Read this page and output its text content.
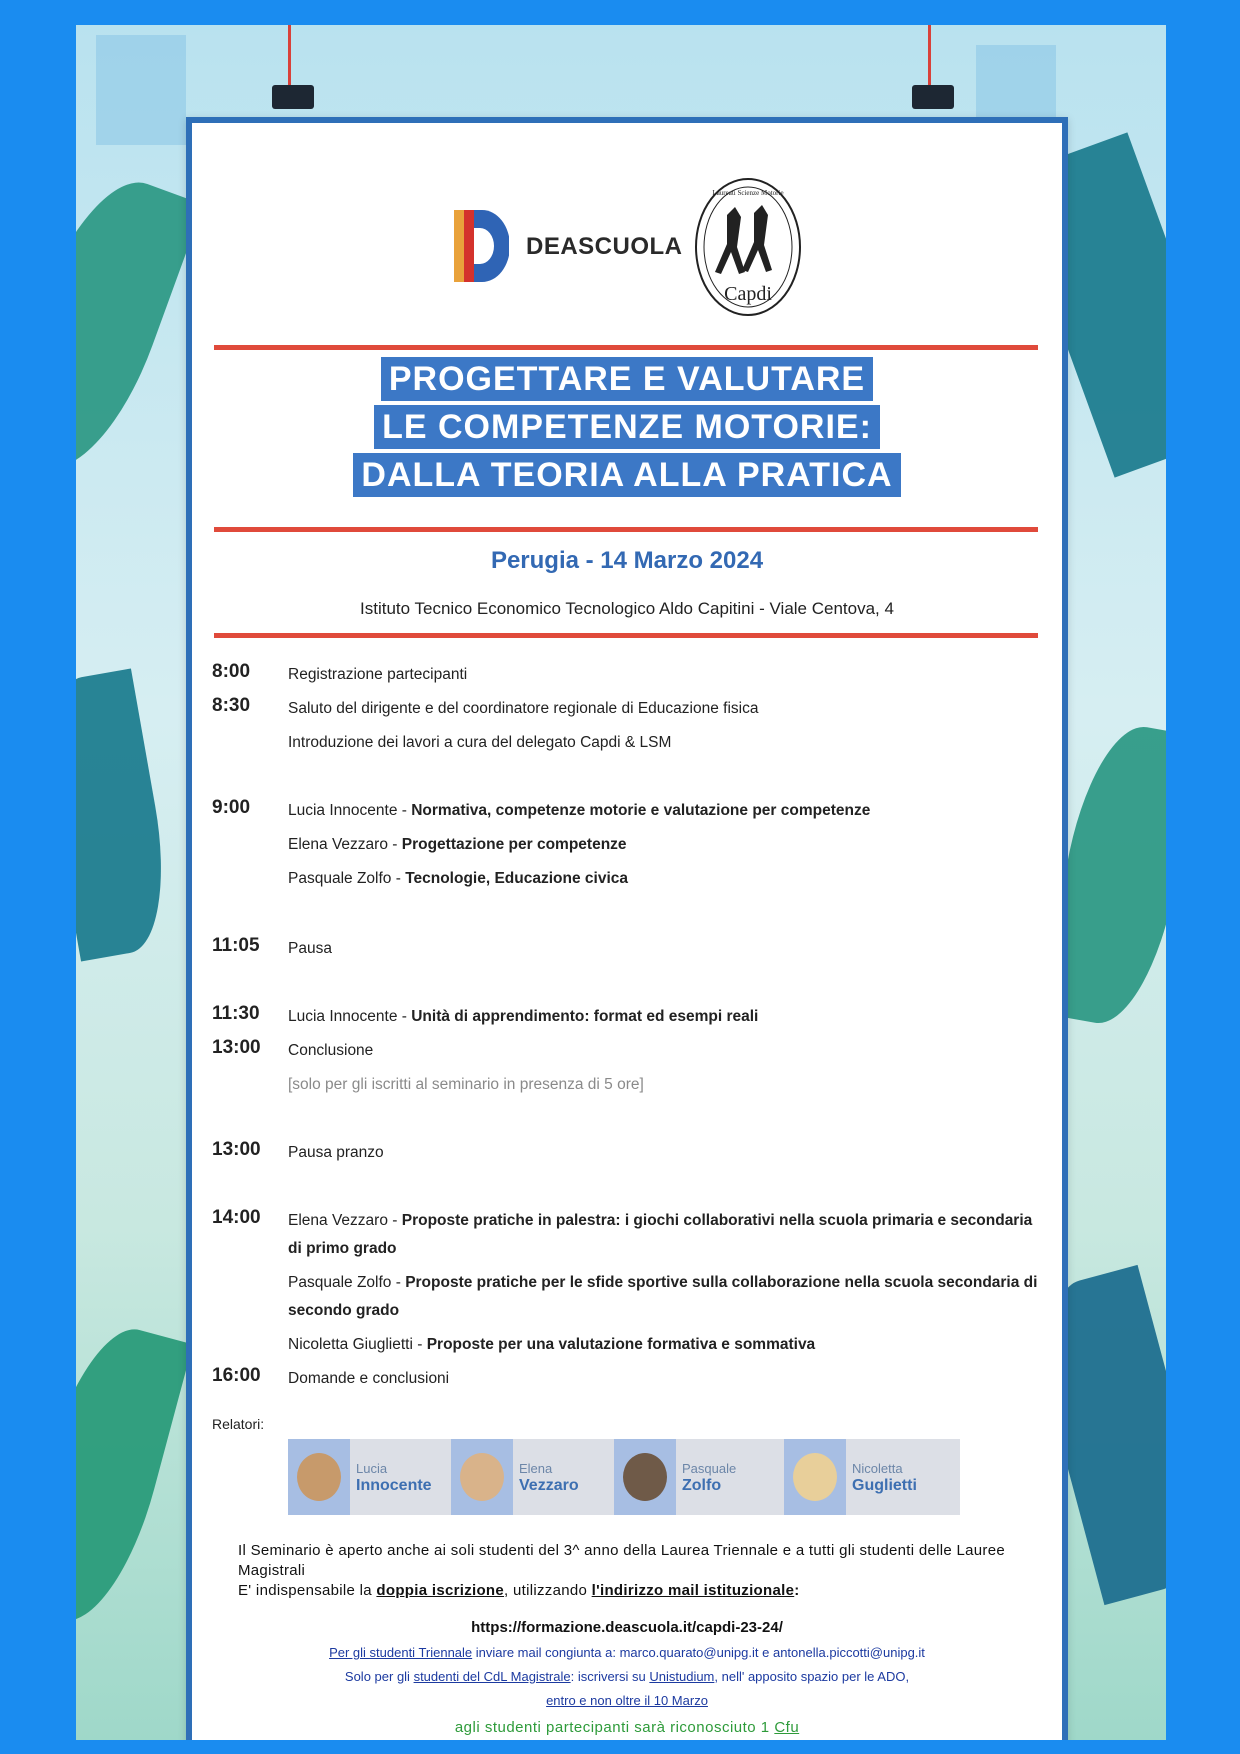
DEASCUOLA
Capdi
Laureati Scienze Motorie
PROGETTARE E VALUTARE
LE COMPETENZE MOTORIE:
DALLA TEORIA ALLA PRATICA
Perugia - 14 Marzo 2024
Istituto Tecnico Economico Tecnologico Aldo Capitini - Viale Centova, 4
8:00	Registrazione partecipanti
8:30	Saluto del dirigente e del coordinatore regionale di Educazione fisica
Introduzione dei lavori a cura del delegato Capdi & LSM
9:00	Lucia Innocente - Normativa, competenze motorie e valutazione per competenze
Elena Vezzaro - Progettazione per competenze
Pasquale Zolfo - Tecnologie, Educazione civica
11:05	Pausa
11:30	Lucia Innocente - Unità di apprendimento: format ed esempi reali
13:00	Conclusione
[solo per gli iscritti al seminario in presenza di 5 ore]
13:00	Pausa pranzo
14:00	Elena Vezzaro - Proposte pratiche in palestra: i giochi collaborativi nella scuola primaria e secondaria di primo grado
Pasquale Zolfo - Proposte pratiche per le sfide sportive sulla collaborazione nella scuola secondaria di secondo grado
Nicoletta Giuglietti - Proposte per una valutazione formativa e sommativa
16:00	Domande e conclusioni
Relatori:
Lucia
Innocente
Elena
Vezzaro
Pasquale
Zolfo
Nicoletta
Guglietti
Il Seminario è aperto anche ai soli studenti del 3^ anno della Laurea Triennale e a tutti gli studenti delle Lauree Magistrali
E' indispensabile la doppia iscrizione, utilizzando l'indirizzo mail istituzionale:
https://formazione.deascuola.it/capdi-23-24/
Per gli studenti Triennale inviare mail congiunta a: marco.quarato@unipg.it e antonella.piccotti@unipg.it
Solo per gli studenti del CdL Magistrale: iscriversi su Unistudium, nell' apposito spazio per le ADO,
entro e non oltre il 10 Marzo
agli studenti partecipanti sarà riconosciuto 1 Cfu
